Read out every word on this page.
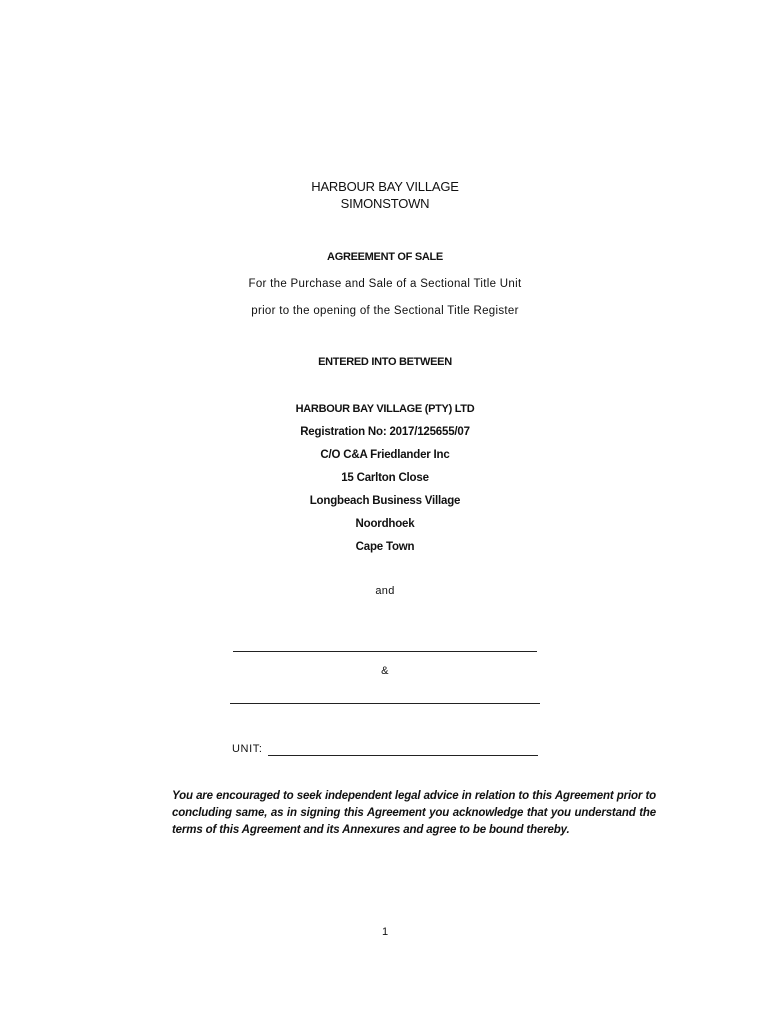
HARBOUR BAY VILLAGE
SIMONSTOWN
AGREEMENT OF SALE
For the Purchase and Sale of a Sectional Title Unit
prior to the opening of the Sectional Title Register
ENTERED INTO BETWEEN
HARBOUR BAY VILLAGE (PTY) LTD
Registration No: 2017/125655/07
C/O C&A Friedlander Inc
15 Carlton Close
Longbeach Business Village
Noordhoek
Cape Town
and
&
UNIT:
You are encouraged to seek independent legal advice in relation to this Agreement prior to concluding same, as in signing this Agreement you acknowledge that you understand the terms of this Agreement and its Annexures and agree to be bound thereby.
1
